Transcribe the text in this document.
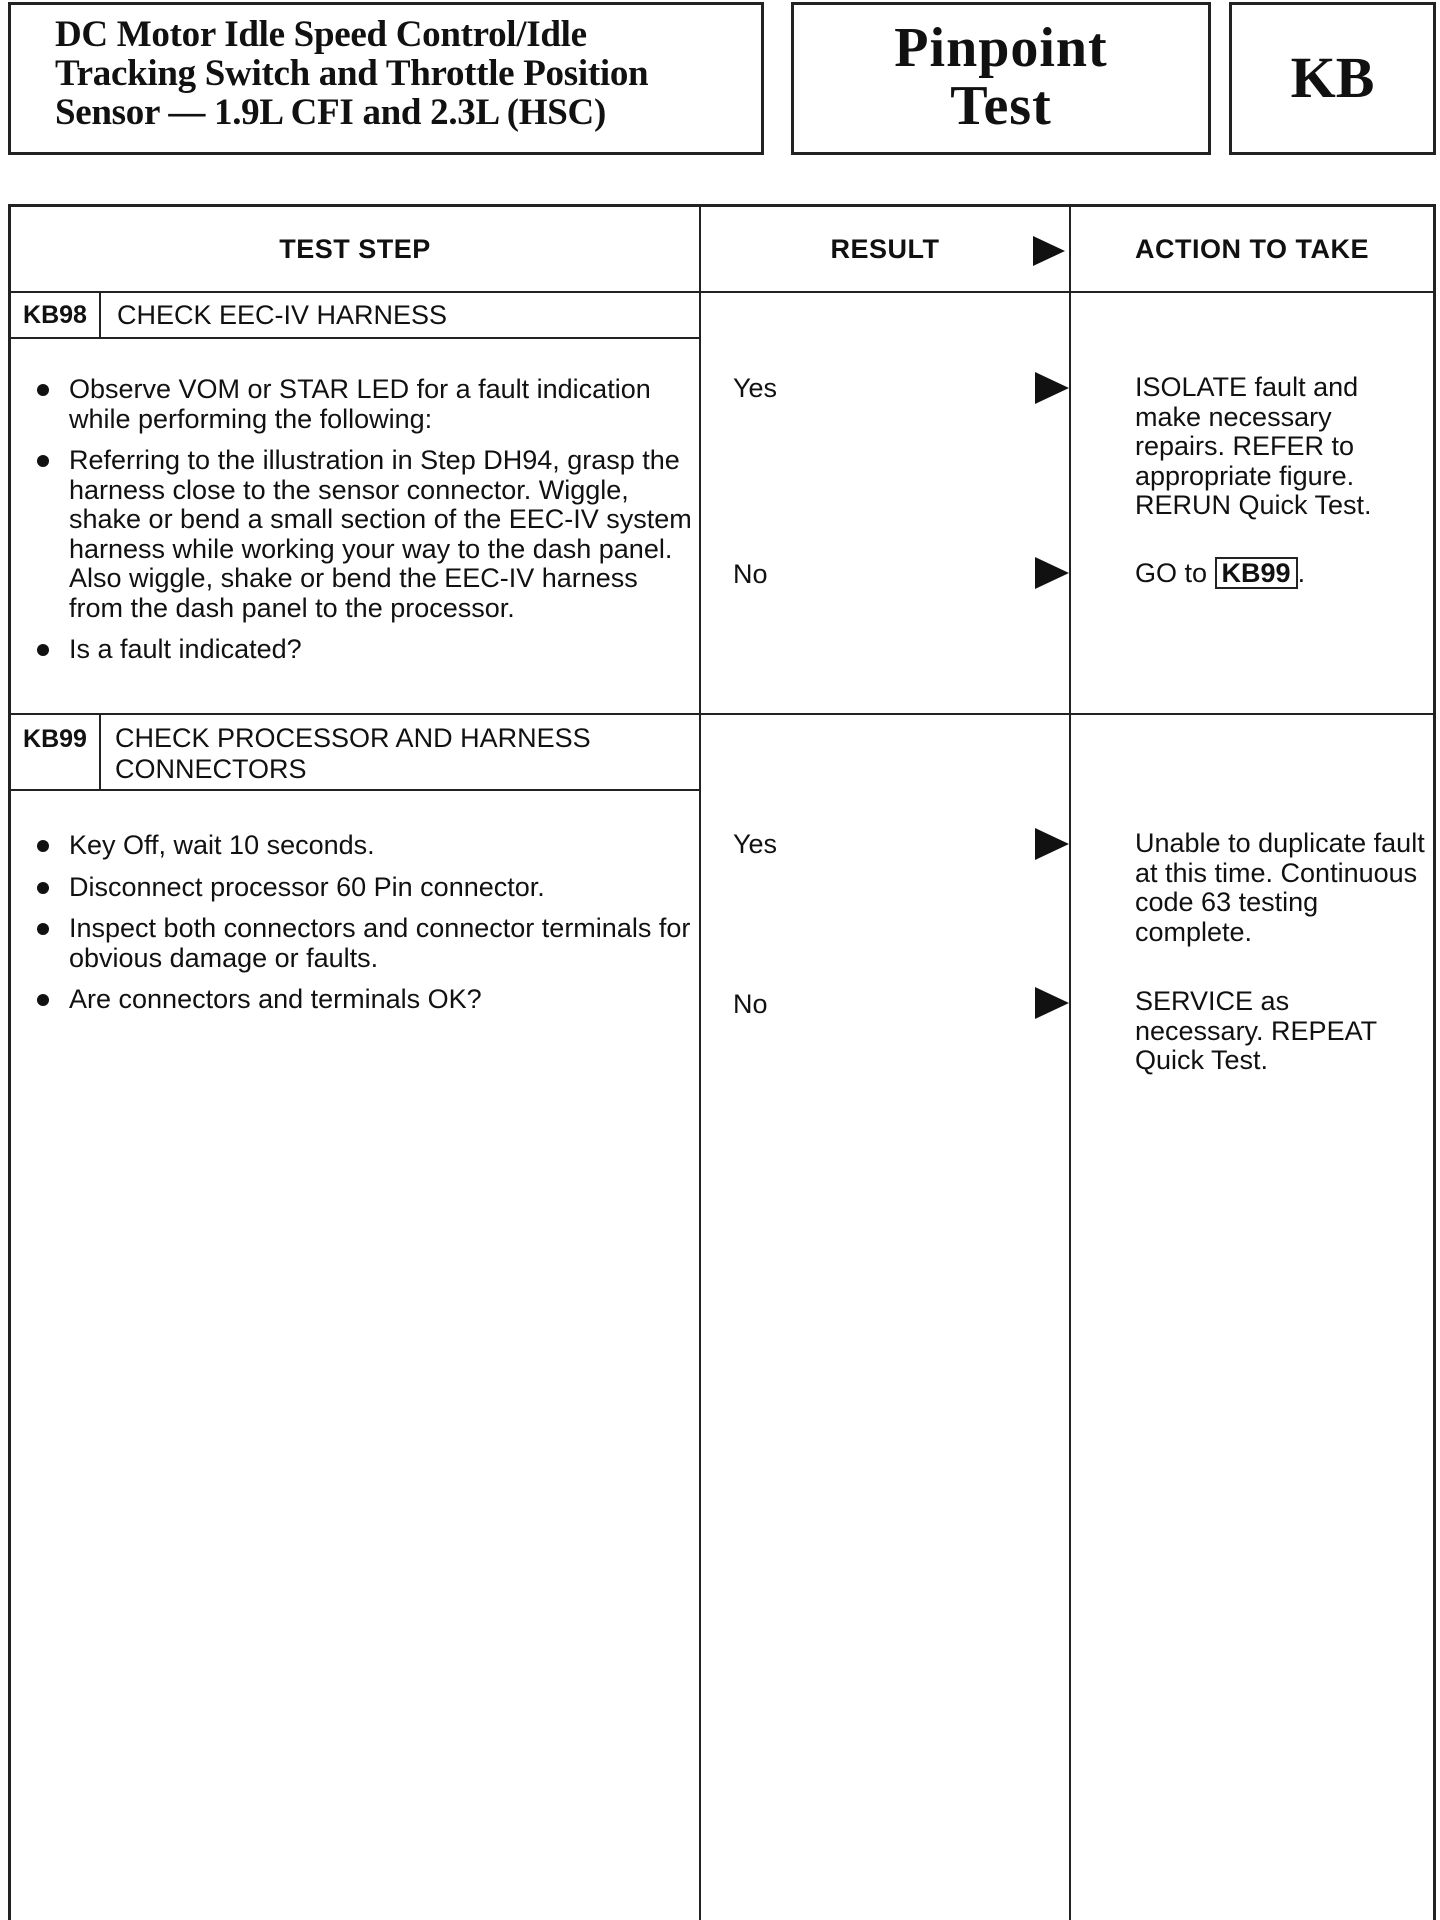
DC Motor Idle Speed Control/Idle
Tracking Switch and Throttle Position
Sensor — 1.9L CFI and 2.3L (HSC)
Pinpoint
Test	KB
TEST STEP	RESULT	ACTION TO TAKE
KB98	CHECK EEC-IV HARNESS
Observe VOM or STAR LED for a fault indication while performing the following:
Referring to the illustration in Step DH94, grasp the harness close to the sensor connector. Wiggle, shake or bend a small section of the EEC-IV system harness while working your way to the dash panel. Also wiggle, shake or bend the EEC-IV harness from the dash panel to the processor.
Is a fault indicated?
Yes	ISOLATE fault and make necessary repairs. REFER to appropriate figure. RERUN Quick Test.
No	GO to KB99 .
KB99	CHECK PROCESSOR AND HARNESS
CONNECTORS
Key Off, wait 10 seconds.
Disconnect processor 60 Pin connector.
Inspect both connectors and connector terminals for obvious damage or faults.
Are connectors and terminals OK?
Yes	Unable to duplicate fault at this time. Continuous code 63 testing complete.
No	SERVICE as necessary. REPEAT Quick Test.
